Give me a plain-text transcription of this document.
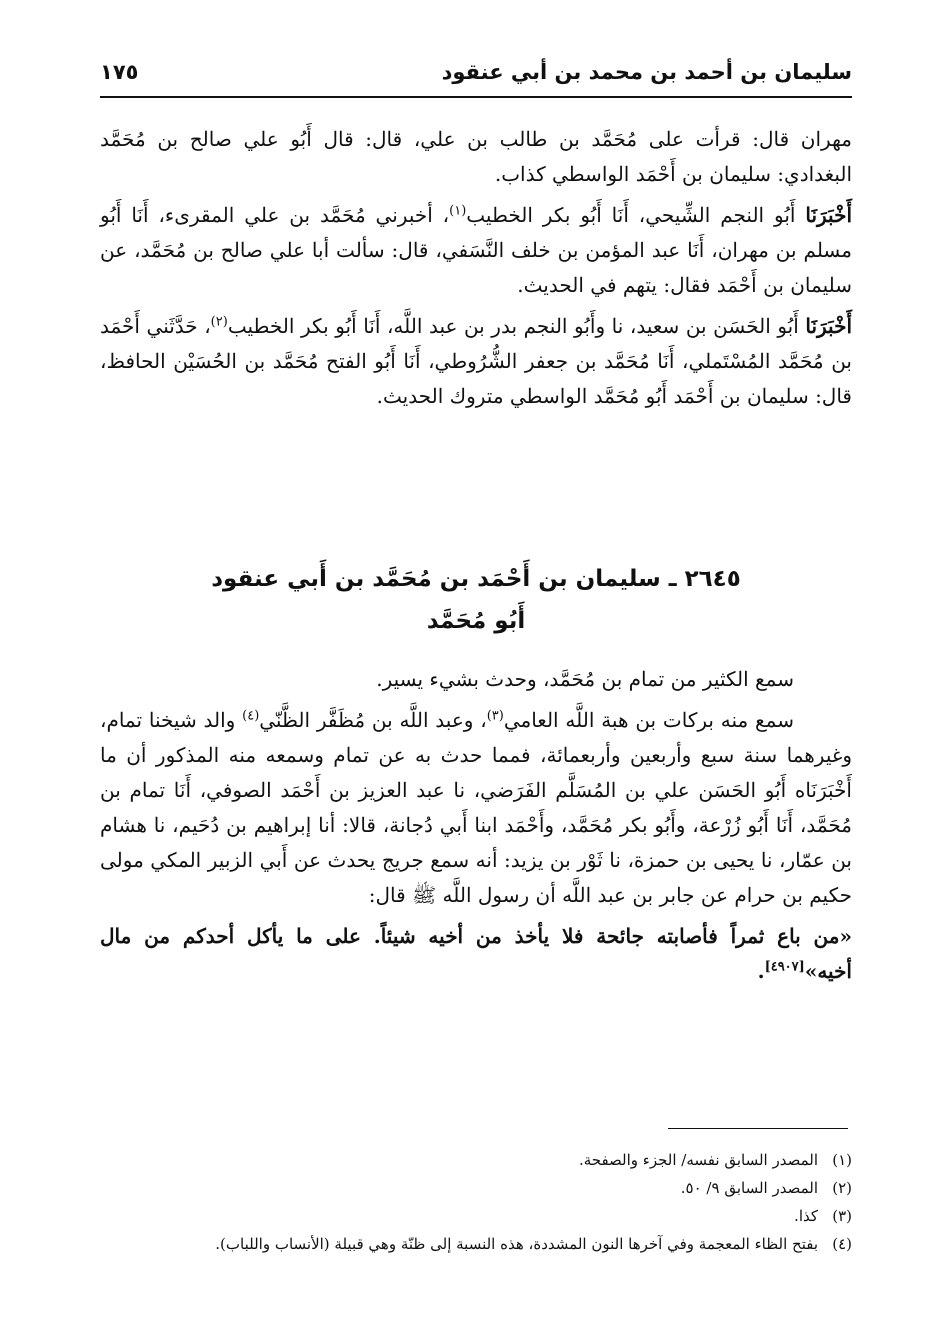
سليمان بن أحمد بن محمد بن أبي عنقود
١٧٥

مهران قال: قرأت على مُحَمَّد بن طالب بن علي، قال: قال أَبُو علي صالح بن مُحَمَّد البغدادي: سليمان بن أَحْمَد الواسطي كذاب.

أَخْبَرَنَا أَبُو النجم الشِّيحي، أَنَا أَبُو بكر الخطيب$^{(١)}$، أخبرني مُحَمَّد بن علي المقرىء، أَنَا أَبُو مسلم بن مهران، أَنَا عبد المؤمن بن خلف النَّسَفي، قال: سألت أبا علي صالح بن مُحَمَّد، عن سليمان بن أَحْمَد فقال: يتهم في الحديث.

أَخْبَرَنَا أَبُو الحَسَن بن سعيد، نا وأَبُو النجم بدر بن عبد اللَّه، أَنَا أَبُو بكر الخطيب$^{(٢)}$، حَدَّثَني أَحْمَد بن مُحَمَّد المُسْتَملي، أَنَا مُحَمَّد بن جعفر الشُّرُوطي، أَنَا أَبُو الفتح مُحَمَّد بن الحُسَيْن الحافظ، قال: سليمان بن أَحْمَد أَبُو مُحَمَّد الواسطي متروك الحديث.

٢٦٤٥ ـ سليمان بن أَحْمَد بن مُحَمَّد بن أَبي عنقود
أَبُو مُحَمَّد

سمع الكثير من تمام بن مُحَمَّد، وحدث بشيء يسير.

سمع منه بركات بن هبة اللَّه العامي$^{(٣)}$، وعبد اللَّه بن مُظَفَّر الظَّنّي$^{(٤)}$ والد شيخنا تمام، وغيرهما سنة سبع وأربعين وأربعمائة، فمما حدث به عن تمام وسمعه منه المذكور أن ما أَخْبَرَنَاه أَبُو الحَسَن علي بن المُسَلَّم الفَرَضي، نا عبد العزيز بن أَحْمَد الصوفي، أَنَا تمام بن مُحَمَّد، أَنَا أَبُو زُرْعة، وأَبُو بكر مُحَمَّد، وأَحْمَد ابنا أَبي دُجانة، قالا: أنا إبراهيم بن دُحَيم، نا هشام بن عمّار، نا يحيى بن حمزة، نا ثَوْر بن يزيد: أنه سمع جريج يحدث عن أَبي الزبير المكي مولى حكيم بن حرام عن جابر بن عبد اللَّه أن رسول اللَّه ﷺ قال:

«من باع ثمراً فأصابته جائحة فلا يأخذ من أخيه شيئاً. على ما يأكل أحدكم من مال أخيه»[٤٩٠٧].

(١)المصدر السابق نفسه/ الجزء والصفحة.
(٢)المصدر السابق ٩/ ٥٠.
(٣)كذا.
(٤)بفتح الظاء المعجمة وفي آخرها النون المشددة، هذه النسبة إلى ظنّة وهي قبيلة (الأنساب واللباب).
